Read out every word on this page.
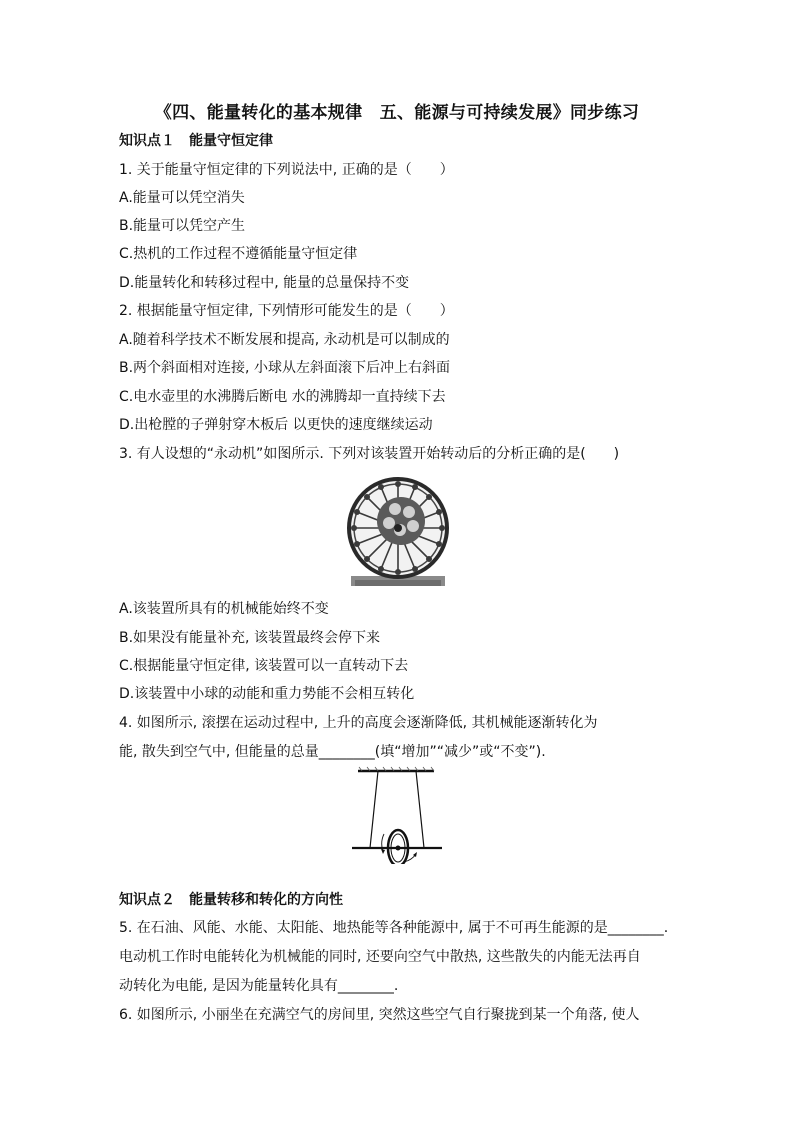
《四、能量转化的基本规律　五、能源与可持续发展》同步练习
知识点１　能量守恒定律
1. 关于能量守恒定律的下列说法中, 正确的是（　　）
A.能量可以凭空消失
B.能量可以凭空产生
C.热机的工作过程不遵循能量守恒定律
D.能量转化和转移过程中, 能量的总量保持不变
2. 根据能量守恒定律, 下列情形可能发生的是（　　）
A.随着科学技术不断发展和提高, 永动机是可以制成的
B.两个斜面相对连接, 小球从左斜面滚下后冲上右斜面
C.电水壶里的水沸腾后断电 水的沸腾却一直持续下去
D.出枪膛的子弹射穿木板后 以更快的速度继续运动
3. 有人设想的“永动机”如图所示. 下列对该装置开始转动后的分析正确的是(　　)
A.该装置所具有的机械能始终不变
B.如果没有能量补充, 该装置最终会停下来
C.根据能量守恒定律, 该装置可以一直转动下去
D.该装置中小球的动能和重力势能不会相互转化
4. 如图所示, 滚摆在运动过程中, 上升的高度会逐渐降低, 其机械能逐渐转化为
能, 散失到空气中, 但能量的总量________(填“增加”“减少”或“不变”).
知识点２　能量转移和转化的方向性
5. 在石油、风能、水能、太阳能、地热能等各种能源中, 属于不可再生能源的是________.
电动机工作时电能转化为机械能的同时, 还要向空气中散热, 这些散失的内能无法再自
动转化为电能, 是因为能量转化具有________.
6. 如图所示, 小丽坐在充满空气的房间里, 突然这些空气自行聚拢到某一个角落, 使人
